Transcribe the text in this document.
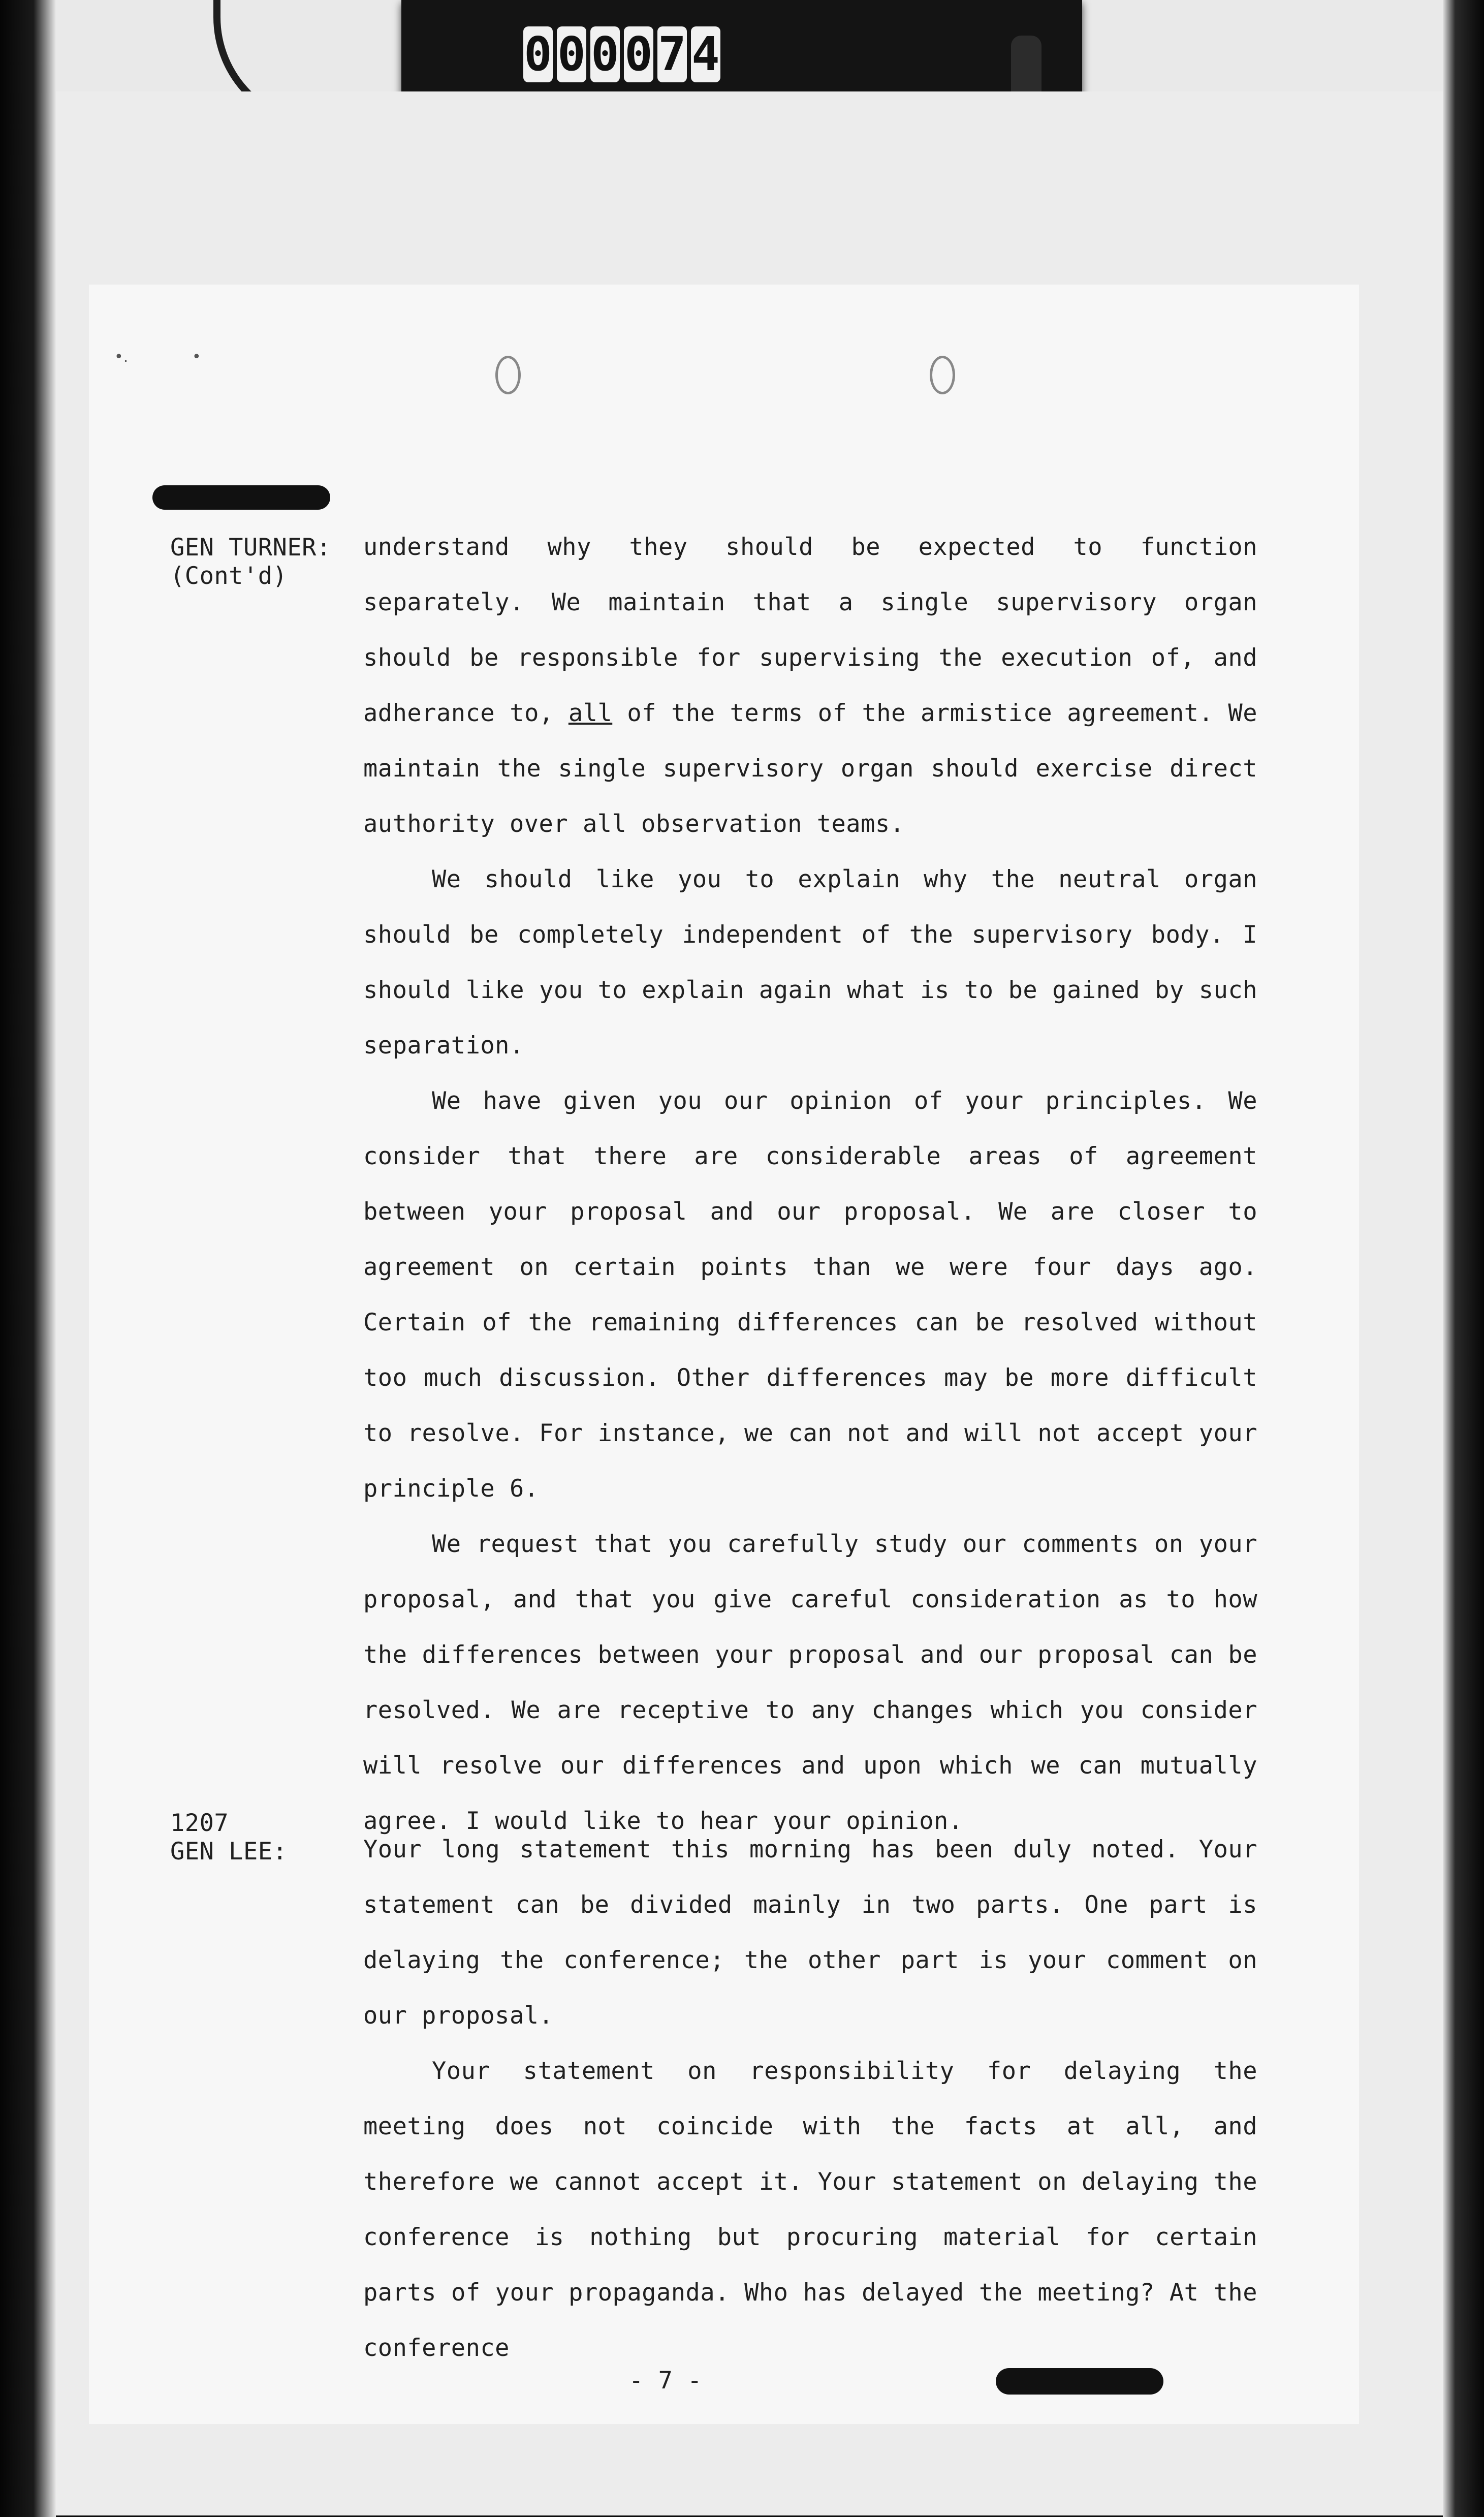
0 0 0 0 7 4
•.	•
GEN TURNER:
(Cont'd)

understand why they should be expected to function separately. We maintain that a single supervisory organ should be responsible for supervising the execution of, and adherance to, all of the terms of the armistice agreement. We maintain the single supervisory organ should exercise direct authority over all observation teams.

We should like you to explain why the neutral organ should be completely independent of the supervisory body. I should like you to explain again what is to be gained by such separation.

We have given you our opinion of your principles. We consider that there are considerable areas of agreement between your proposal and our proposal. We are closer to agreement on certain points than we were four days ago. Certain of the remaining differences can be resolved without too much discussion. Other differences may be more difficult to resolve. For instance, we can not and will not accept your principle 6.

We request that you carefully study our comments on your proposal, and that you give careful consideration as to how the differences between your proposal and our proposal can be resolved. We are receptive to any changes which you consider will resolve our differences and upon which we can mutually agree. I would like to hear your opinion.

1207
GEN LEE:	Your long statement this morning has been duly noted. Your statement can be divided mainly in two parts. One part is delaying the conference; the other part is your comment on our proposal.

Your statement on responsibility for delaying the meeting does not coincide with the facts at all, and therefore we cannot accept it. Your statement on delaying the conference is nothing but procuring material for certain parts of your propaganda. Who has delayed the meeting? At the conference

- 7 -
